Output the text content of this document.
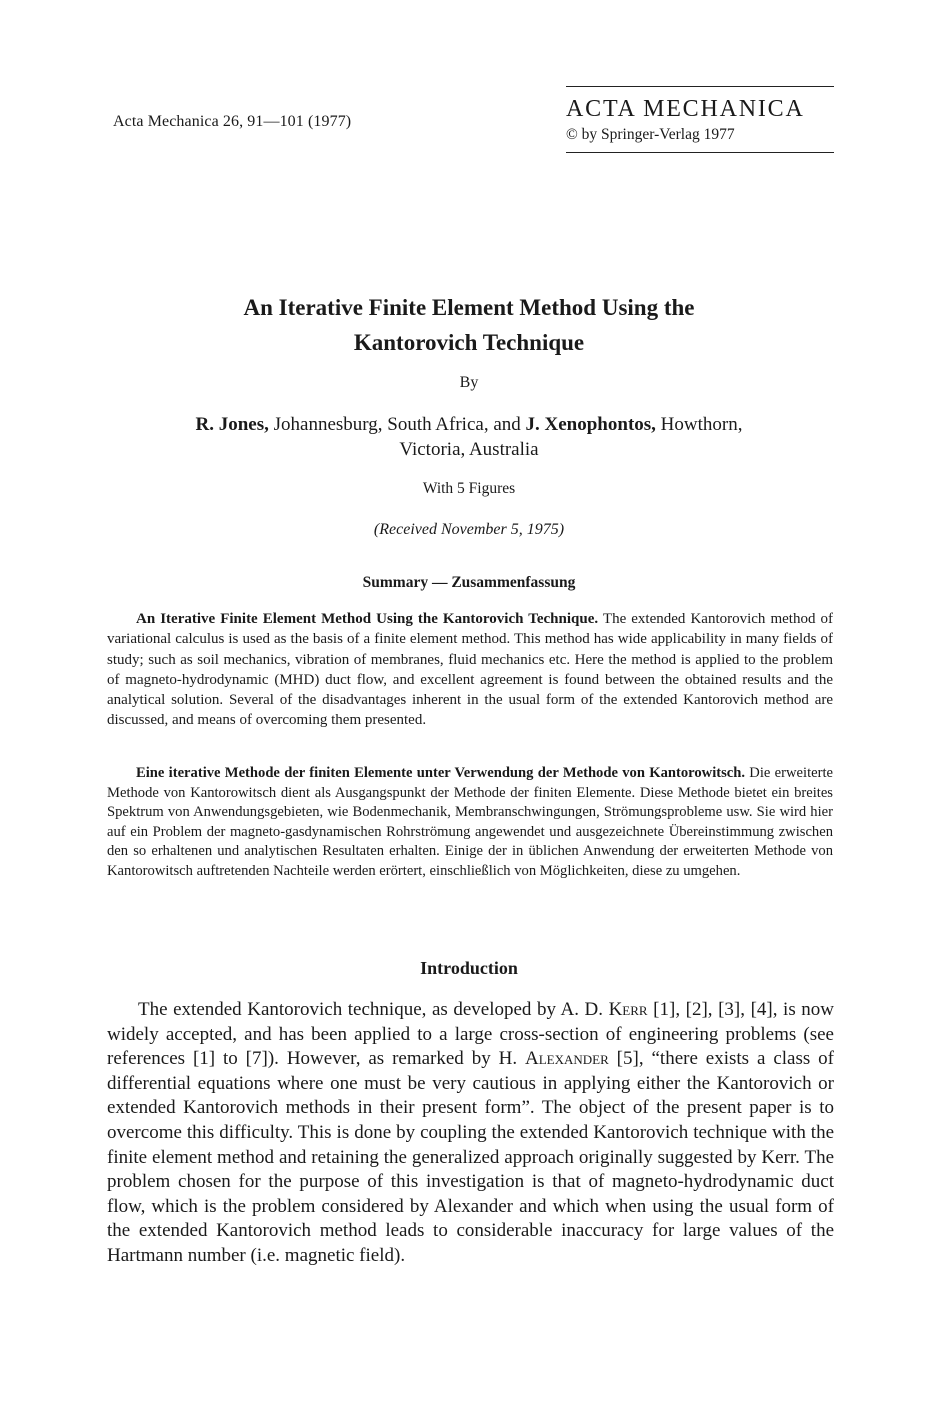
Acta Mechanica 26, 91—101 (1977)	ACTA MECHANICA
© by Springer-Verlag 1977
An Iterative Finite Element Method Using the
Kantorovich Technique
By
R. Jones, Johannesburg, South Africa, and J. Xenophontos, Howthorn,
Victoria, Australia
With 5 Figures
(Received November 5, 1975)
Summary — Zusammenfassung

An Iterative Finite Element Method Using the Kantorovich Technique. The extended Kantorovich method of variational calculus is used as the basis of a finite element method. This method has wide applicability in many fields of study; such as soil mechanics, vibration of membranes, fluid mechanics etc. Here the method is applied to the problem of magneto-hydrodynamic (MHD) duct flow, and excellent agreement is found between the obtained results and the analytical solution. Several of the disadvantages inherent in the usual form of the extended Kantorovich method are discussed, and means of overcoming them presented.

Eine iterative Methode der finiten Elemente unter Verwendung der Methode von Kantorowitsch. Die erweiterte Methode von Kantorowitsch dient als Ausgangspunkt der Methode der finiten Elemente. Diese Methode bietet ein breites Spektrum von Anwendungsgebieten, wie Bodenmechanik, Membranschwingungen, Strömungsprobleme usw. Sie wird hier auf ein Problem der magneto-gasdynamischen Rohrströmung angewendet und ausgezeichnete Übereinstimmung zwischen den so erhaltenen und analytischen Resultaten erhalten. Einige der in üblichen Anwendung der erweiterten Methode von Kantorowitsch auftretenden Nachteile werden erörtert, einschließlich von Möglichkeiten, diese zu umgehen.

Introduction

The extended Kantorovich technique, as developed by A. D. Kerr [1], [2], [3], [4], is now widely accepted, and has been applied to a large cross-section of engineering problems (see references [1] to [7]). However, as remarked by H. Alexander [5], “there exists a class of differential equations where one must be very cautious in applying either the Kantorovich or extended Kantorovich methods in their present form”. The object of the present paper is to overcome this difficulty. This is done by coupling the extended Kantorovich technique with the finite element method and retaining the generalized approach originally suggested by Kerr. The problem chosen for the purpose of this investigation is that of magneto-hydrodynamic duct flow, which is the problem considered by Alexander and which when using the usual form of the extended Kantorovich method leads to considerable inaccuracy for large values of the Hartmann number (i.e. magnetic field).
